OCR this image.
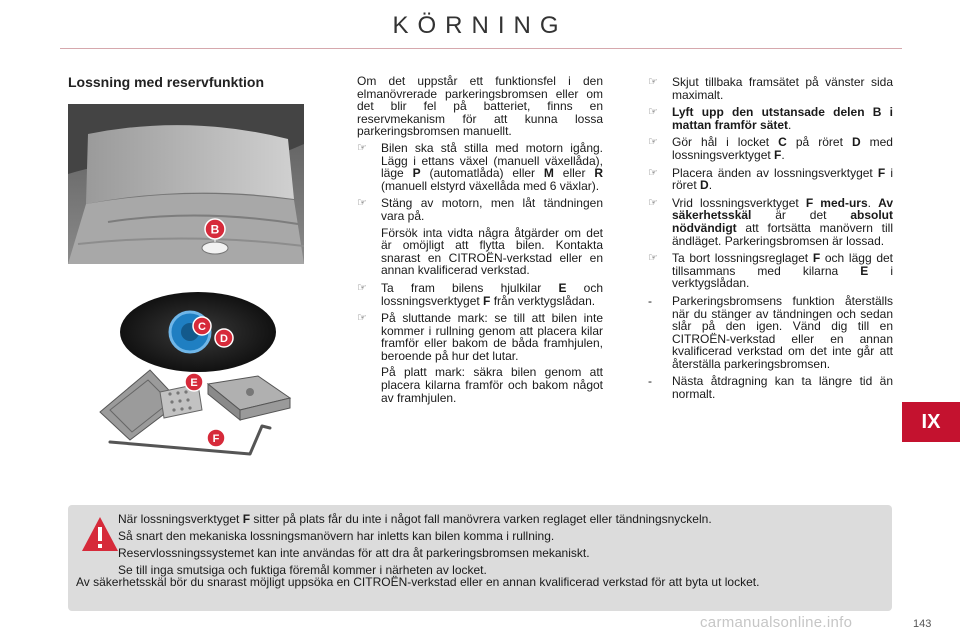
KÖRNING
Lossning med reservfunktion
B
C
D
E
F

Om det uppstår ett funktionsfel i den elmanövrerade parkeringsbromsen eller om det blir fel på batteriet, finns en reservmekanism för att kunna lossa parkeringsbromsen manuellt.

☞	Bilen ska stå stilla med motorn igång. Lägg i ettans växel (manuell växellåda), läge P (automatlåda) eller M eller R (manuell elstyrd växellåda med 6 växlar).
☞	Stäng av motorn, men låt tändningen vara på.
Försök inta vidta några åtgärder om det är omöjligt att flytta bilen. Kontakta snarast en CITROËN-verkstad eller en annan kvalificerad verkstad.
☞	Ta fram bilens hjulkilar E och lossningsverktyget F från verktygslådan.
☞	På sluttande mark: se till att bilen inte kommer i rullning genom att placera kilar framför eller bakom de båda framhjulen, beroende på hur det lutar.
På platt mark: säkra bilen genom att placera kilarna framför och bakom något av framhjulen.
☞	Skjut tillbaka framsätet på vänster sida maximalt.
☞	Lyft upp den utstansade delen B i mattan framför sätet.
☞	Gör hål i locket C på röret D med lossningsverktyget F.
☞	Placera änden av lossningsverktyget F i röret D.
☞	Vrid lossningsverktyget F med-urs. Av säkerhetsskäl är det absolut nödvändigt att fortsätta manövern till ändläget. Parkeringsbromsen är lossad.
☞	Ta bort lossningsreglaget F och lägg det tillsammans med kilarna E i verktygslådan.
- Parkeringsbromsens funktion återställs när du stänger av tändningen och sedan slår på den igen. Vänd dig till en CITROËN-verkstad eller en annan kvalificerad verkstad om det inte går att återställa parkeringsbromsen.
- Nästa åtdragning kan ta längre tid än normalt.
När lossningsverktyget F sitter på plats får du inte i något fall manövrera varken reglaget eller tändningsnyckeln.
Så snart den mekaniska lossningsmanövern har inletts kan bilen komma i rullning.
Reservlossningssystemet kan inte användas för att dra åt parkeringsbromsen mekaniskt.
Se till inga smutsiga och fuktiga föremål kommer i närheten av locket.
Av säkerhetsskäl bör du snarast möjligt uppsöka en CITROËN-verkstad eller en annan kvalificerad verkstad för att byta ut locket.
IX
carmanualsonline.info	143
